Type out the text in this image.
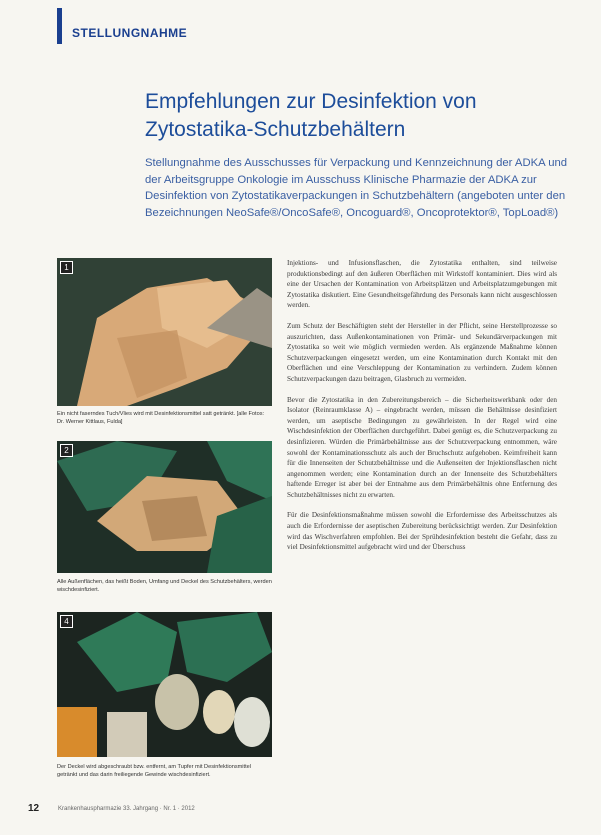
STELLUNGNAHME
Empfehlungen zur Desinfektion von
Zytostatika-Schutzbehältern
Stellungnahme des Ausschusses für Verpackung und Kennzeichnung der ADKA und der Arbeitsgruppe Onkologie im Ausschuss Klinische Pharmazie der ADKA zur Desinfektion von Zytostatikaverpackungen in Schutzbehältern (angeboten unter den Bezeichnungen NeoSafe®/OncoSafe®, Oncoguard®, Oncoprotektor®, TopLoad®)
1
Ein nicht faserndes Tuch/Vlies wird mit Desinfektionsmittel satt getränkt. [alle Fotos: Dr. Werner Kittlaus, Fulda]
2
Alle Außenflächen, das heißt Boden, Umfang und Deckel des Schutzbehälters, werden wischdesinfiziert.
4
Der Deckel wird abgeschraubt bzw. entfernt, am Tupfer mit Desinfektionsmittel getränkt und das darin freiliegende Gewinde wischdesinfiziert.

Injektions- und Infusionsflaschen, die Zytostatika enthalten, sind teilweise produktionsbedingt auf den äußeren Oberflächen mit Wirkstoff kontaminiert. Dies wird als eine der Ursachen der Kontamination von Arbeitsplätzen und Arbeitsplatzumgebungen mit Zytostatika diskutiert. Eine Gesundheitsgefährdung des Personals kann nicht ausgeschlossen werden.

Zum Schutz der Beschäftigten steht der Hersteller in der Pflicht, seine Herstellprozesse so auszurichten, dass Außenkontaminationen von Primär- und Sekundärverpackungen mit Zytostatika so weit wie möglich vermieden werden. Als ergänzende Maßnahme können Schutzverpackungen eingesetzt werden, um eine Kontamination durch Kontakt mit den Oberflächen und eine Verschleppung der Kontamination zu verhindern. Zudem können Schutzverpackungen dazu beitragen, Glasbruch zu vermeiden.

Bevor die Zytostatika in den Zubereitungsbereich – die Sicherheitswerkbank oder den Isolator (Reinraumklasse A) – eingebracht werden, müssen die Behältnisse desinfiziert werden, um aseptische Bedingungen zu gewährleisten. In der Regel wird eine Wischdesinfektion der Oberflächen durchgeführt. Dabei genügt es, die Schutzverpackung zu desinfizieren. Würden die Primärbehältnisse aus der Schutzverpackung entnommen, wäre sowohl der Kontaminationsschutz als auch der Bruchschutz aufgehoben. Keimfreiheit kann für die Innenseiten der Schutzbehältnisse und die Außenseiten der Injektionsflaschen nicht angenommen werden; eine Kontamination durch an der Innenseite des Schutzbehälters haftende Erreger ist aber bei der Entnahme aus dem Primärbehältnis ohne Entfernung des Schutzbehältnisses nicht zu erwarten.

Für die Desinfektionsmaßnahme müssen sowohl die Erfordernisse des Arbeitsschutzes als auch die Erfordernisse der aseptischen Zubereitung berücksichtigt werden. Zur Desinfektion wird das Wischverfahren empfohlen. Bei der Sprühdesinfektion besteht die Gefahr, dass zu viel Desinfektionsmittel aufgebracht wird und der Überschuss

12	Krankenhauspharmazie 33. Jahrgang · Nr. 1 · 2012
